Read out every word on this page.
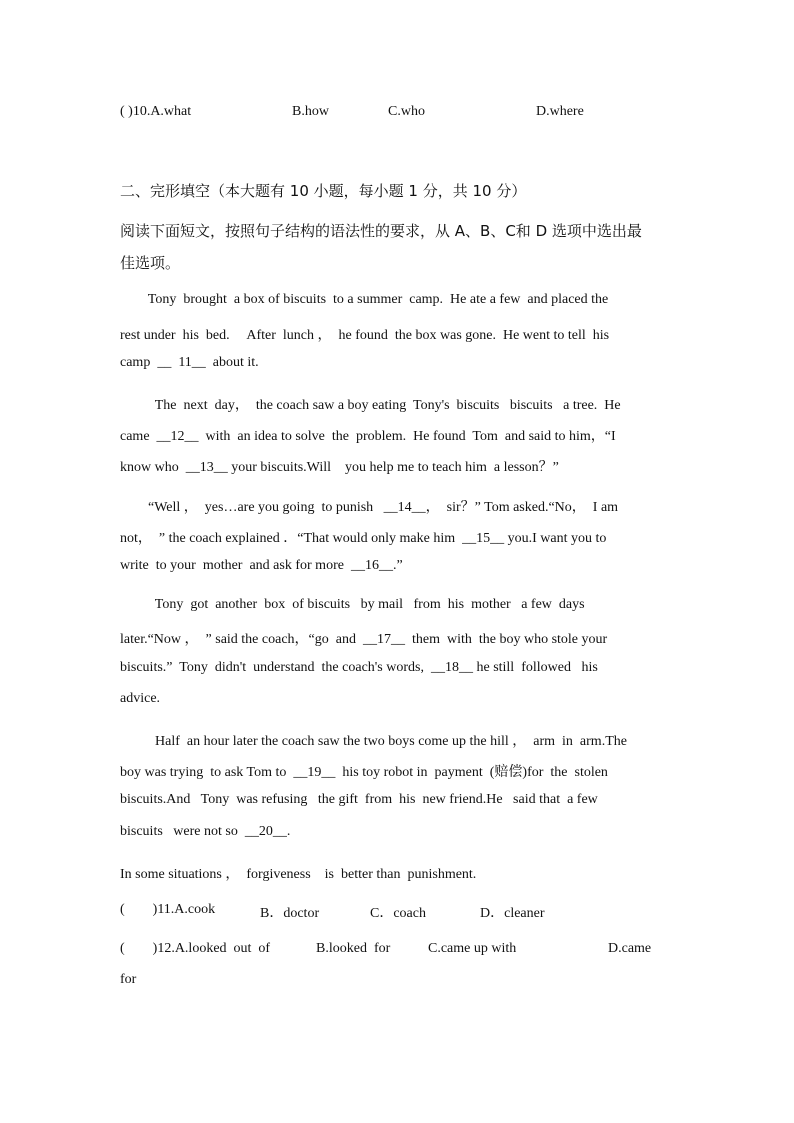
( )10.A.what	B.how	C.who	D.where
二、完形填空（本大题有 10 小题，每小题 1 分，共 10 分）
阅读下面短文，按照句子结构的语法性的要求，从 A、B、C和 D 选项中选出最
佳选项。
Tony  brought  a box of biscuits  to a summer  camp.  He ate a few  and placed the
rest under  his  bed.     After  lunch ，  he found  the box was gone.  He went to tell  his
camp  __  11__  about it.
The  next  day，  the coach saw a boy eating  Tony's  biscuits   biscuits   a tree.  He
came  __12__  with  an idea to solve  the  problem.  He found  Tom  and said to him，“I
know who  __13__ your biscuits.Will    you help me to teach him  a lesson？”
“Well ，  yes…are you going  to punish   __14__，  sir？” Tom asked.“No，  I am
not，  ” the coach explained ．“That would only make him  __15__ you.I want you to
write  to your  mother  and ask for more  __16__.”
Tony  got  another  box  of biscuits   by mail   from  his  mother   a few  days
later.“Now ，  ” said the coach，“go  and  __17__  them  with  the boy who stole your
biscuits.”  Tony  didn't  understand  the coach's words,  __18__ he still  followed   his
advice.
Half  an hour later the coach saw the two boys come up the hill ，  arm  in  arm.The
boy was trying  to ask Tom to  __19__  his toy robot in  payment  (赔偿)for  the  stolen
biscuits.And   Tony  was refusing   the gift  from  his  new friend.He   said that  a few
biscuits   were not so  __20__.
In some situations ，  forgiveness    is  better than  punishment.
(        )11.A.cook	B．doctor	C．coach	D．cleaner
(        )12.A.looked  out  of	B.looked  for	C.came up with	D.came
for
